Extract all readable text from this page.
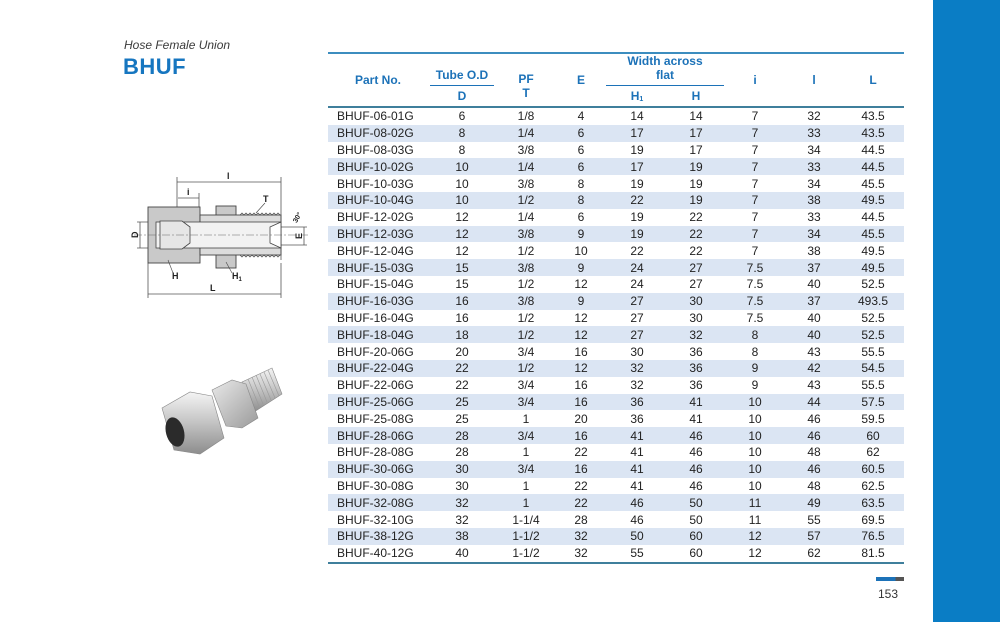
Hose Female Union
BHUF
l
i
T
30°
D	E
H	$H_1$
L
Part No.	Tube O.D	PF	E	Width across flat		i	l	L
	D	T		$H_1$	H			
BHUF-06-01G	6	1/8	4	14	14	7	32	43.5
BHUF-08-02G	8	1/4	6	17	17	7	33	43.5
BHUF-08-03G	8	3/8	6	19	17	7	34	44.5
BHUF-10-02G	10	1/4	6	17	19	7	33	44.5
BHUF-10-03G	10	3/8	8	19	19	7	34	45.5
BHUF-10-04G	10	1/2	8	22	19	7	38	49.5
BHUF-12-02G	12	1/4	6	19	22	7	33	44.5
BHUF-12-03G	12	3/8	9	19	22	7	34	45.5
BHUF-12-04G	12	1/2	10	22	22	7	38	49.5
BHUF-15-03G	15	3/8	9	24	27	7.5	37	49.5
BHUF-15-04G	15	1/2	12	24	27	7.5	40	52.5
BHUF-16-03G	16	3/8	9	27	30	7.5	37	493.5
BHUF-16-04G	16	1/2	12	27	30	7.5	40	52.5
BHUF-18-04G	18	1/2	12	27	32	8	40	52.5
BHUF-20-06G	20	3/4	16	30	36	8	43	55.5
BHUF-22-04G	22	1/2	12	32	36	9	42	54.5
BHUF-22-06G	22	3/4	16	32	36	9	43	55.5
BHUF-25-06G	25	3/4	16	36	41	10	44	57.5
BHUF-25-08G	25	1	20	36	41	10	46	59.5
BHUF-28-06G	28	3/4	16	41	46	10	46	60
BHUF-28-08G	28	1	22	41	46	10	48	62
BHUF-30-06G	30	3/4	16	41	46	10	46	60.5
BHUF-30-08G	30	1	22	41	46	10	48	62.5
BHUF-32-08G	32	1	22	46	50	11	49	63.5
BHUF-32-10G	32	1-1/4	28	46	50	11	55	69.5
BHUF-38-12G	38	1-1/2	32	50	60	12	57	76.5
BHUF-40-12G	40	1-1/2	32	55	60	12	62	81.5
153
